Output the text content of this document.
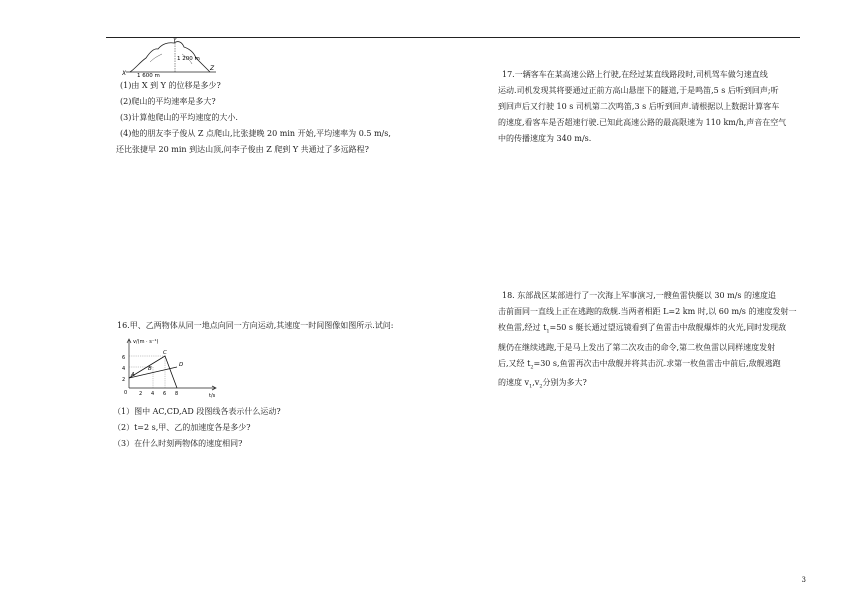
1 200 m
1 600 m
X
Y
Z
(1)由 X 到 Y 的位移是多少?
(2)爬山的平均速率是多大?
(3)计算他爬山的平均速度的大小.
(4)他的朋友李子俊从 Z 点爬山,比张捷晚 20 min 开始,平均速率为 0.5 m/s,
还比张捷早 20 min 到达山顶,问李子俊由 Z 爬到 Y 共通过了多远路程?
17.一辆客车在某高速公路上行驶,在经过某直线路段时,司机驾车做匀速直线
运动.司机发现其将要通过正前方高山悬崖下的隧道,于是鸣笛,5 s 后听到回声;听
到回声后又行驶 10 s 司机第二次鸣笛,3 s 后听到回声.请根据以上数据计算客车
的速度,看客车是否超速行驶.已知此高速公路的最高限速为 110 km/h,声音在空气
中的传播速度为 340 m/s.
16.甲、乙两物体从同一地点向同一方向运动,其速度一时间图像如图所示.试问:
v/(m · s⁻¹)
t/s
6
4
2
0 2 4 6 8
A
B
C
D
（1）图中 AC,CD,AD 段图线各表示什么运动?
（2）t=2 s,甲、乙的加速度各是多少?
（3）在什么时刻两物体的速度相同?
18. 东部战区某部进行了一次海上军事演习,一艘鱼雷快艇以 30 m/s 的速度追
击前面同一直线上正在逃跑的敌舰.当两者相距 L=2 km 时,以 60 m/s 的速度发射一
枚鱼雷,经过 $t_1=50$ s 艇长通过望远镜看到了鱼雷击中敌舰爆炸的火光,同时发现敌
舰仍在继续逃跑,于是马上发出了第二次攻击的命令,第二枚鱼雷以同样速度发射
后,又经 $t_2=30$ s,鱼雷再次击中敌舰并将其击沉.求第一枚鱼雷击中前后,敌舰逃跑
的速度 $v_1,v_2$分别为多大?
3
